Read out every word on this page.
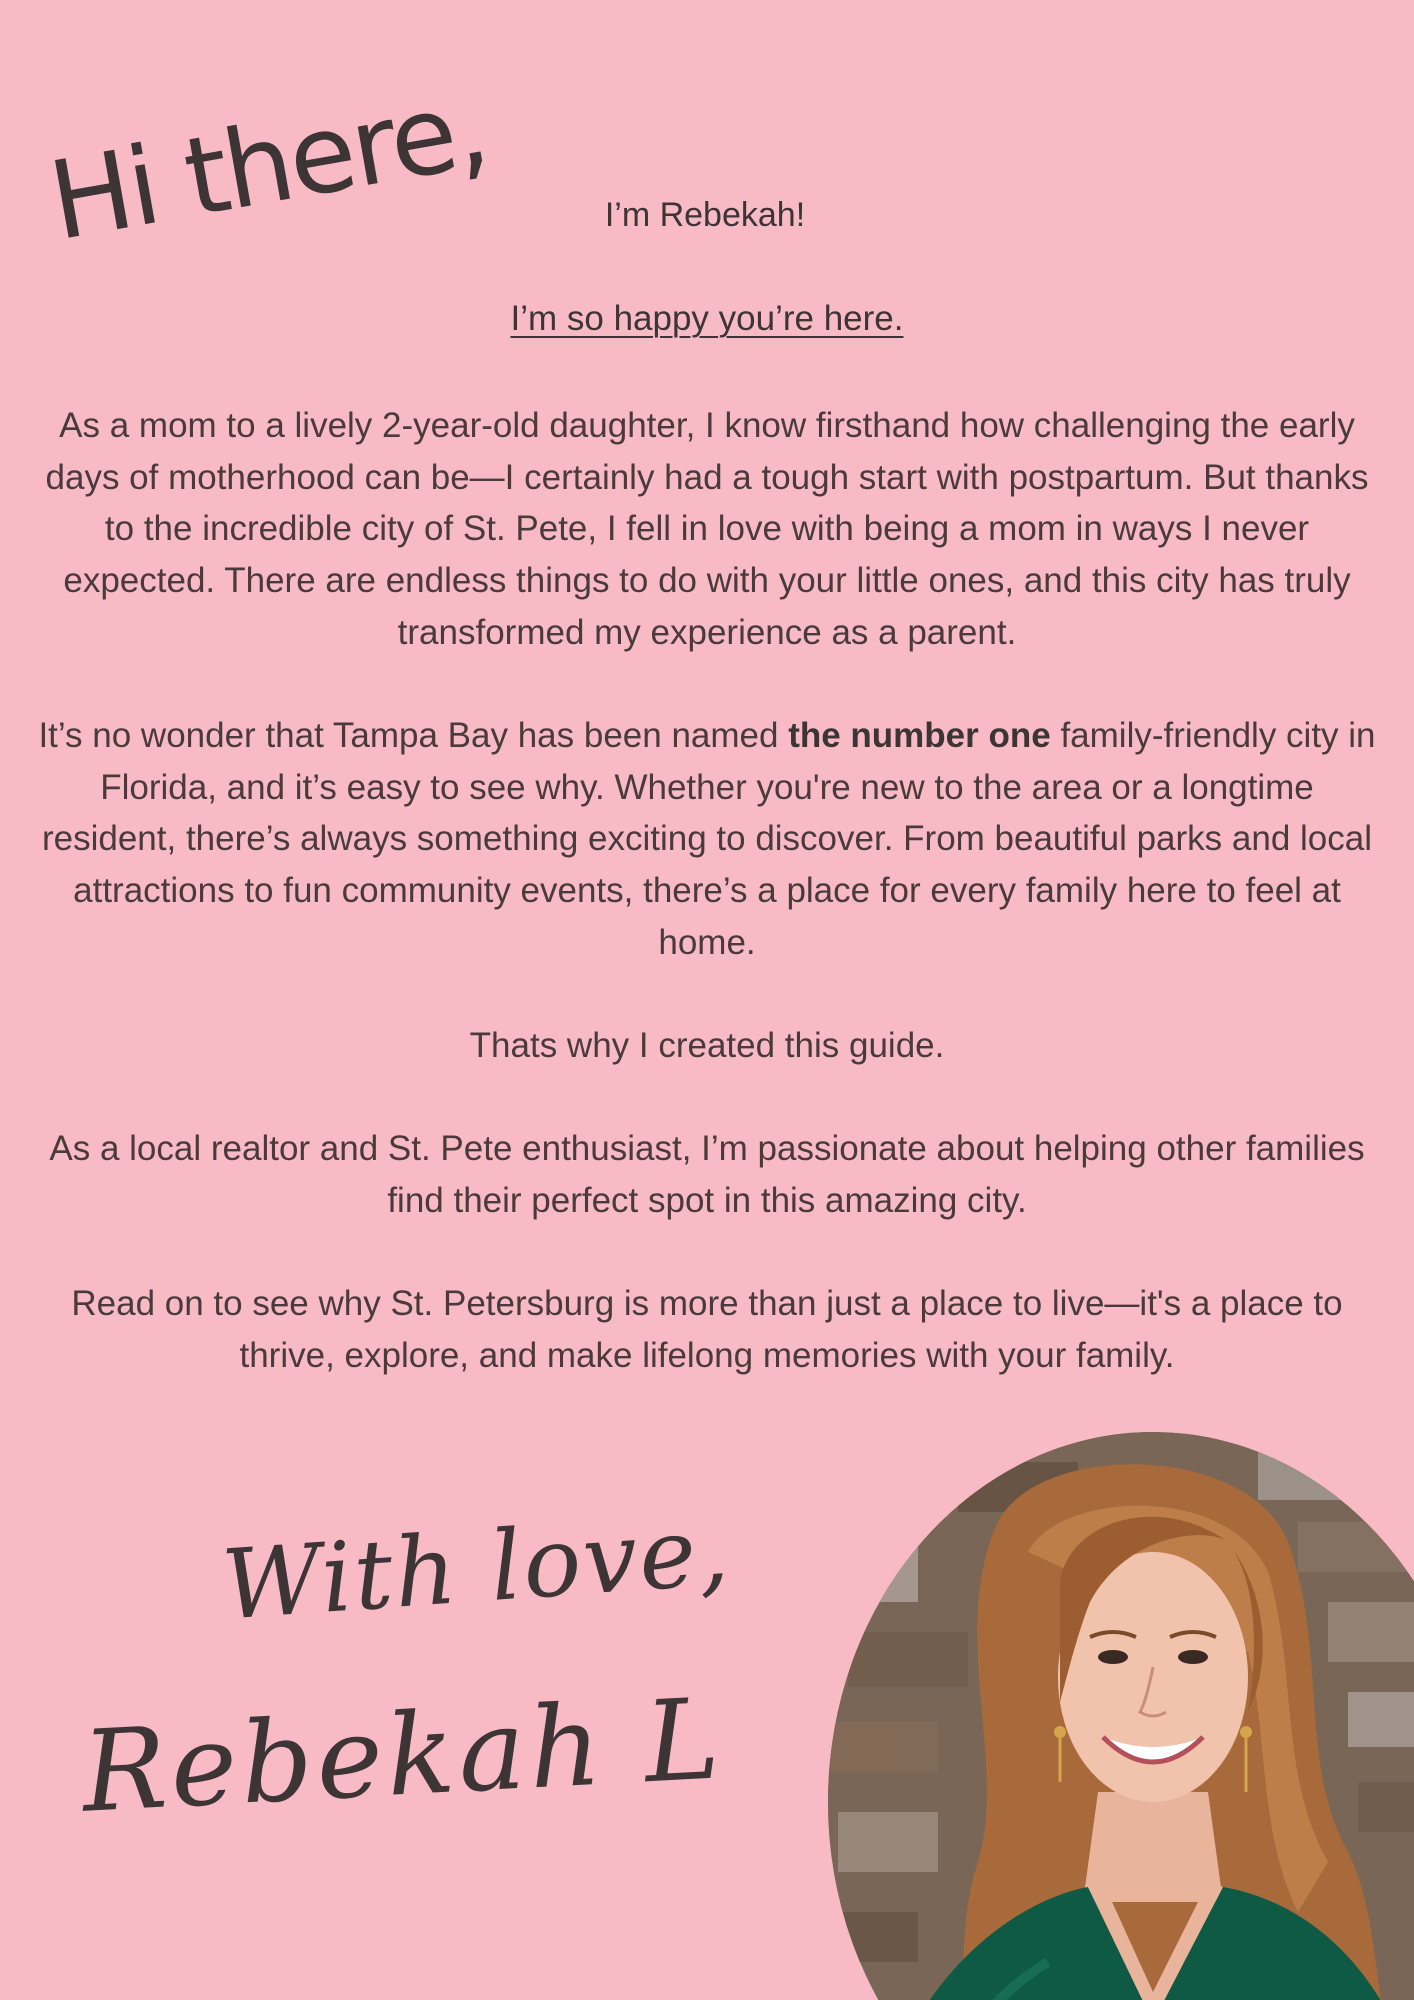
Hi there,	I’m Rebekah!
I’m so happy you’re here.

As a mom to a lively 2-year-old daughter, I know firsthand how challenging the early days of motherhood can be—I certainly had a tough start with postpartum. But thanks to the incredible city of St. Pete, I fell in love with being a mom in ways I never expected. There are endless things to do with your little ones, and this city has truly transformed my experience as a parent.

It’s no wonder that Tampa Bay has been named the number one family-friendly city in Florida, and it’s easy to see why. Whether you're new to the area or a longtime resident, there’s always something exciting to discover. From beautiful parks and local attractions to fun community events, there’s a place for every family here to feel at home.

Thats why I created this guide.

As a local realtor and St. Pete enthusiast, I’m passionate about helping other families find their perfect spot in this amazing city.

Read on to see why St. Petersburg is more than just a place to live—it's a place to thrive, explore, and make lifelong memories with your family.

With love,
Rebekah L
